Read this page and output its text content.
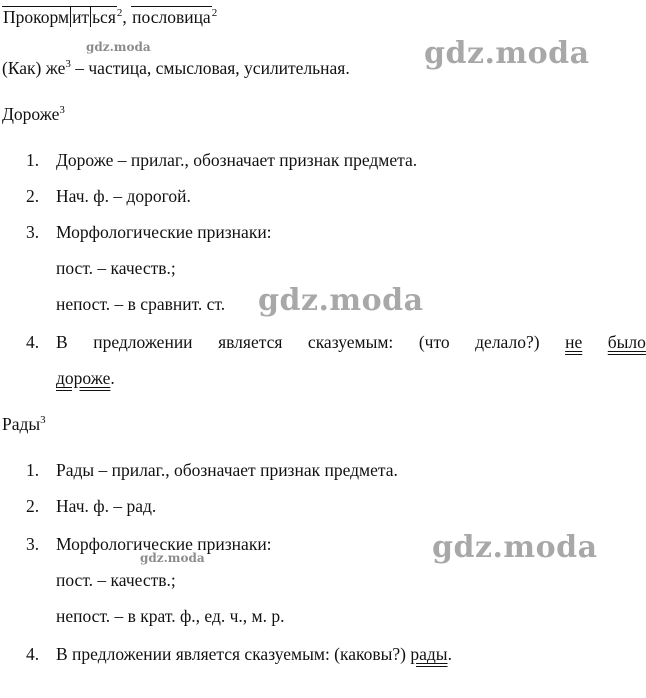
Прокорм ит ься$^2$, пословица$^2$
(Как) $же^3$ – частица, смысловая, усилительная.
Дороже$^3$
1. Дороже – прилаг., обозначает признак предмета.
2. Нач. ф. – дорогой.
3. Морфологические признаки:
пост. – качеств.;
непост. – в сравнит. ст.
4. В предложении является сказуемым: (что делало?) не было
дороже.
Рады$^3$
1. Рады – прилаг., обозначает признак предмета.
2. Нач. ф. – рад.
3. Морфологические признаки:
пост. – качеств.;
непост. – в крат. ф., ед. ч., м. р.
4. В предложении является сказуемым: (каковы?) рады.
gdz.moda	gdz.moda
gdz.moda
gdz.moda
gdz.moda
